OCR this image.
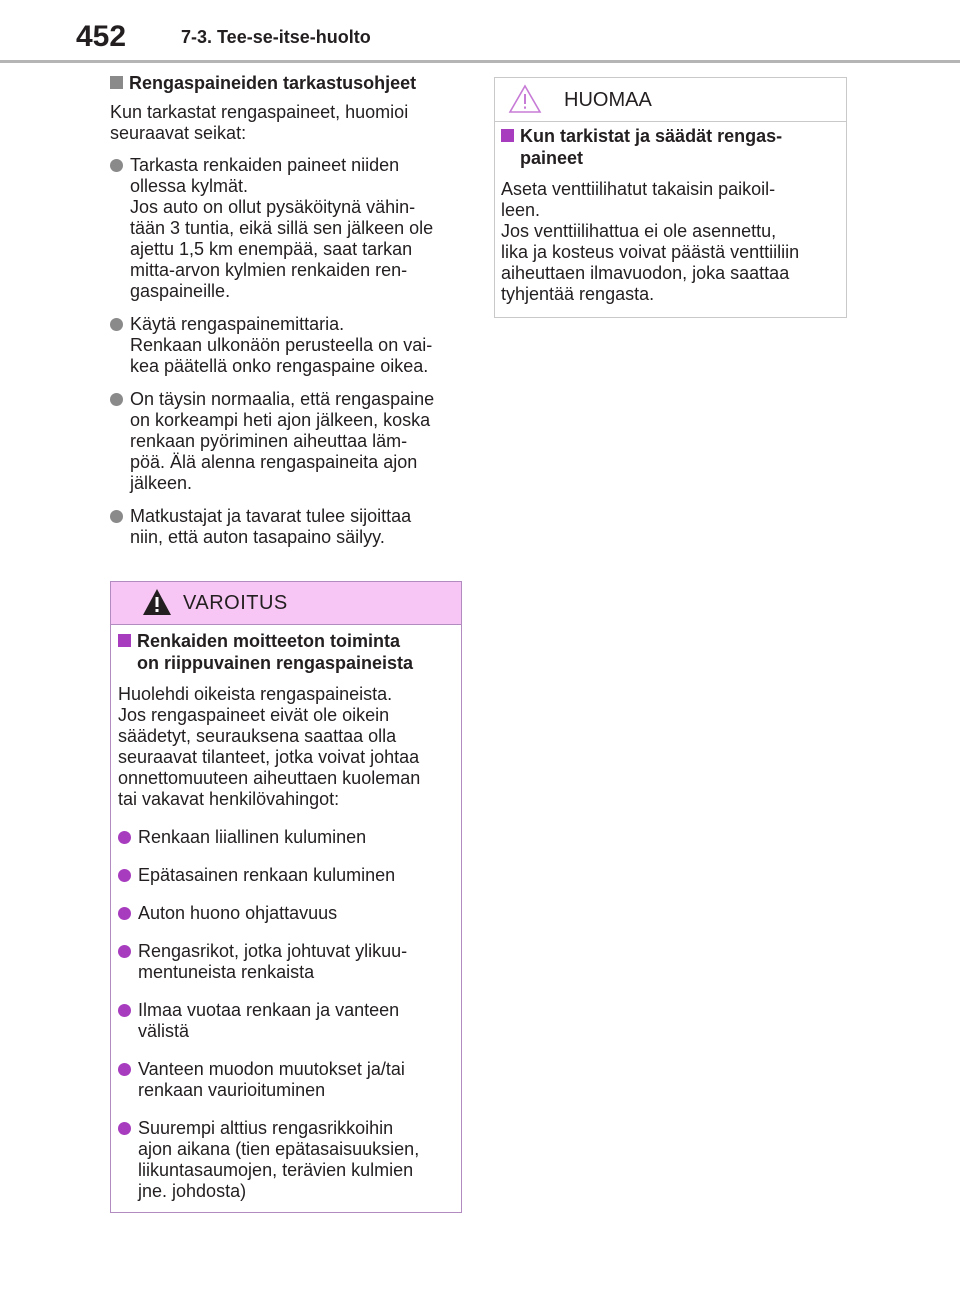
452	7-3. Tee-se-itse-huolto
Rengaspaineiden tarkastusohjeet

Kun tarkastat rengaspaineet, huomioi
seuraavat seikat:

Tarkasta renkaiden paineet niiden
ollessa kylmät.
Jos auto on ollut pysäköitynä vähin-
tään 3 tuntia, eikä sillä sen jälkeen ole
ajettu 1,5 km enempää, saat tarkan
mitta-arvon kylmien renkaiden ren-
gaspaineille.
Käytä rengaspainemittaria.
Renkaan ulkonäön perusteella on vai-
kea päätellä onko rengaspaine oikea.
On täysin normaalia, että rengaspaine
on korkeampi heti ajon jälkeen, koska
renkaan pyöriminen aiheuttaa läm-
pöä. Älä alenna rengaspaineita ajon
jälkeen.
Matkustajat ja tavarat tulee sijoittaa
niin, että auton tasapaino säilyy.
VAROITUS
Renkaiden moitteeton toiminta
on riippuvainen rengaspaineista

Huolehdi oikeista rengaspaineista.
Jos rengaspaineet eivät ole oikein
säädetyt, seurauksena saattaa olla
seuraavat tilanteet, jotka voivat johtaa
onnettomuuteen aiheuttaen kuoleman
tai vakavat henkilövahingot:

Renkaan liiallinen kuluminen
Epätasainen renkaan kuluminen
Auton huono ohjattavuus
Rengasrikot, jotka johtuvat ylikuu-
mentuneista renkaista
Ilmaa vuotaa renkaan ja vanteen
välistä
Vanteen muodon muutokset ja/tai
renkaan vaurioituminen
Suurempi alttius rengasrikkoihin
ajon aikana (tien epätasaisuuksien,
liikuntasaumojen, terävien kulmien
jne. johdosta)
HUOMAA
Kun tarkistat ja säädät rengas-
paineet

Aseta venttiilihatut takaisin paikoil-
leen.
Jos venttiilihattua ei ole asennettu,
lika ja kosteus voivat päästä venttiiliin
aiheuttaen ilmavuodon, joka saattaa
tyhjentää rengasta.
